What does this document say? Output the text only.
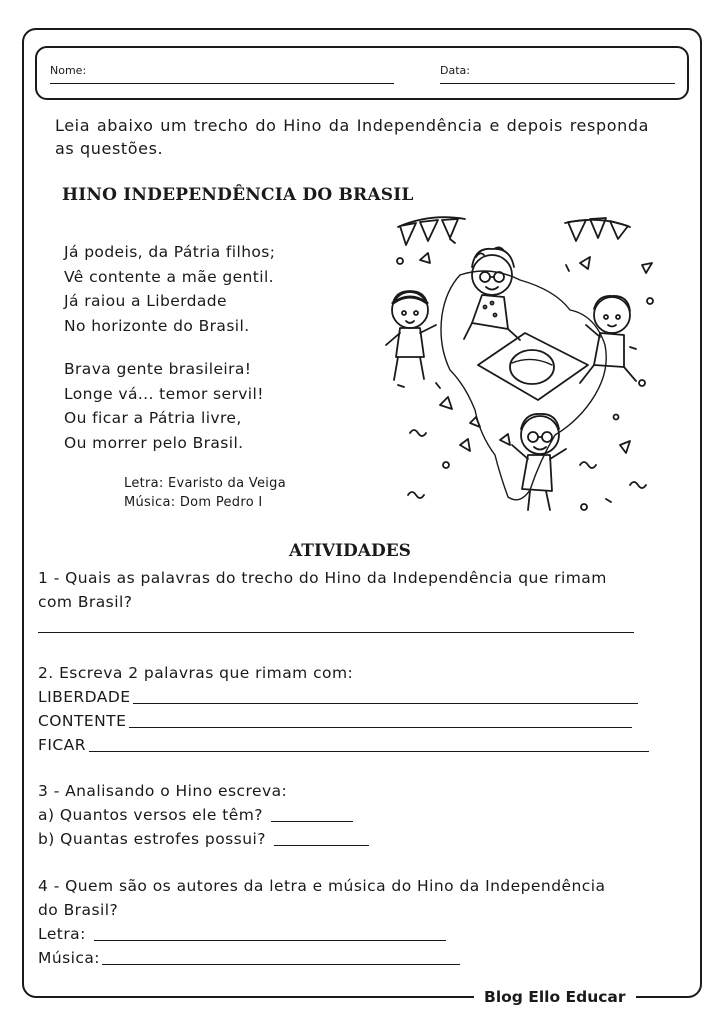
Nome:	Data:
Leia abaixo um trecho do Hino da Independência e depois responda as questões.
HINO INDEPENDÊNCIA DO BRASIL
Já podeis, da Pátria filhos;
Vê contente a mãe gentil.
Já raiou a Liberdade
No horizonte do Brasil.
Brava gente brasileira!
Longe vá... temor servil!
Ou ficar a Pátria livre,
Ou morrer pelo Brasil.
Letra: Evaristo da Veiga
Música: Dom Pedro I
ATIVIDADES
1 - Quais as palavras do trecho do Hino da Independência que rimam
com Brasil?
2. Escreva 2 palavras que rimam com:
LIBERDADE
CONTENTE
FICAR
3 - Analisando o Hino escreva:
a) Quantos versos ele têm?
b) Quantas estrofes possui?
4 - Quem são os autores da letra e música do Hino da Independência
do Brasil?
Letra:
Música:
Blog Ello Educar
